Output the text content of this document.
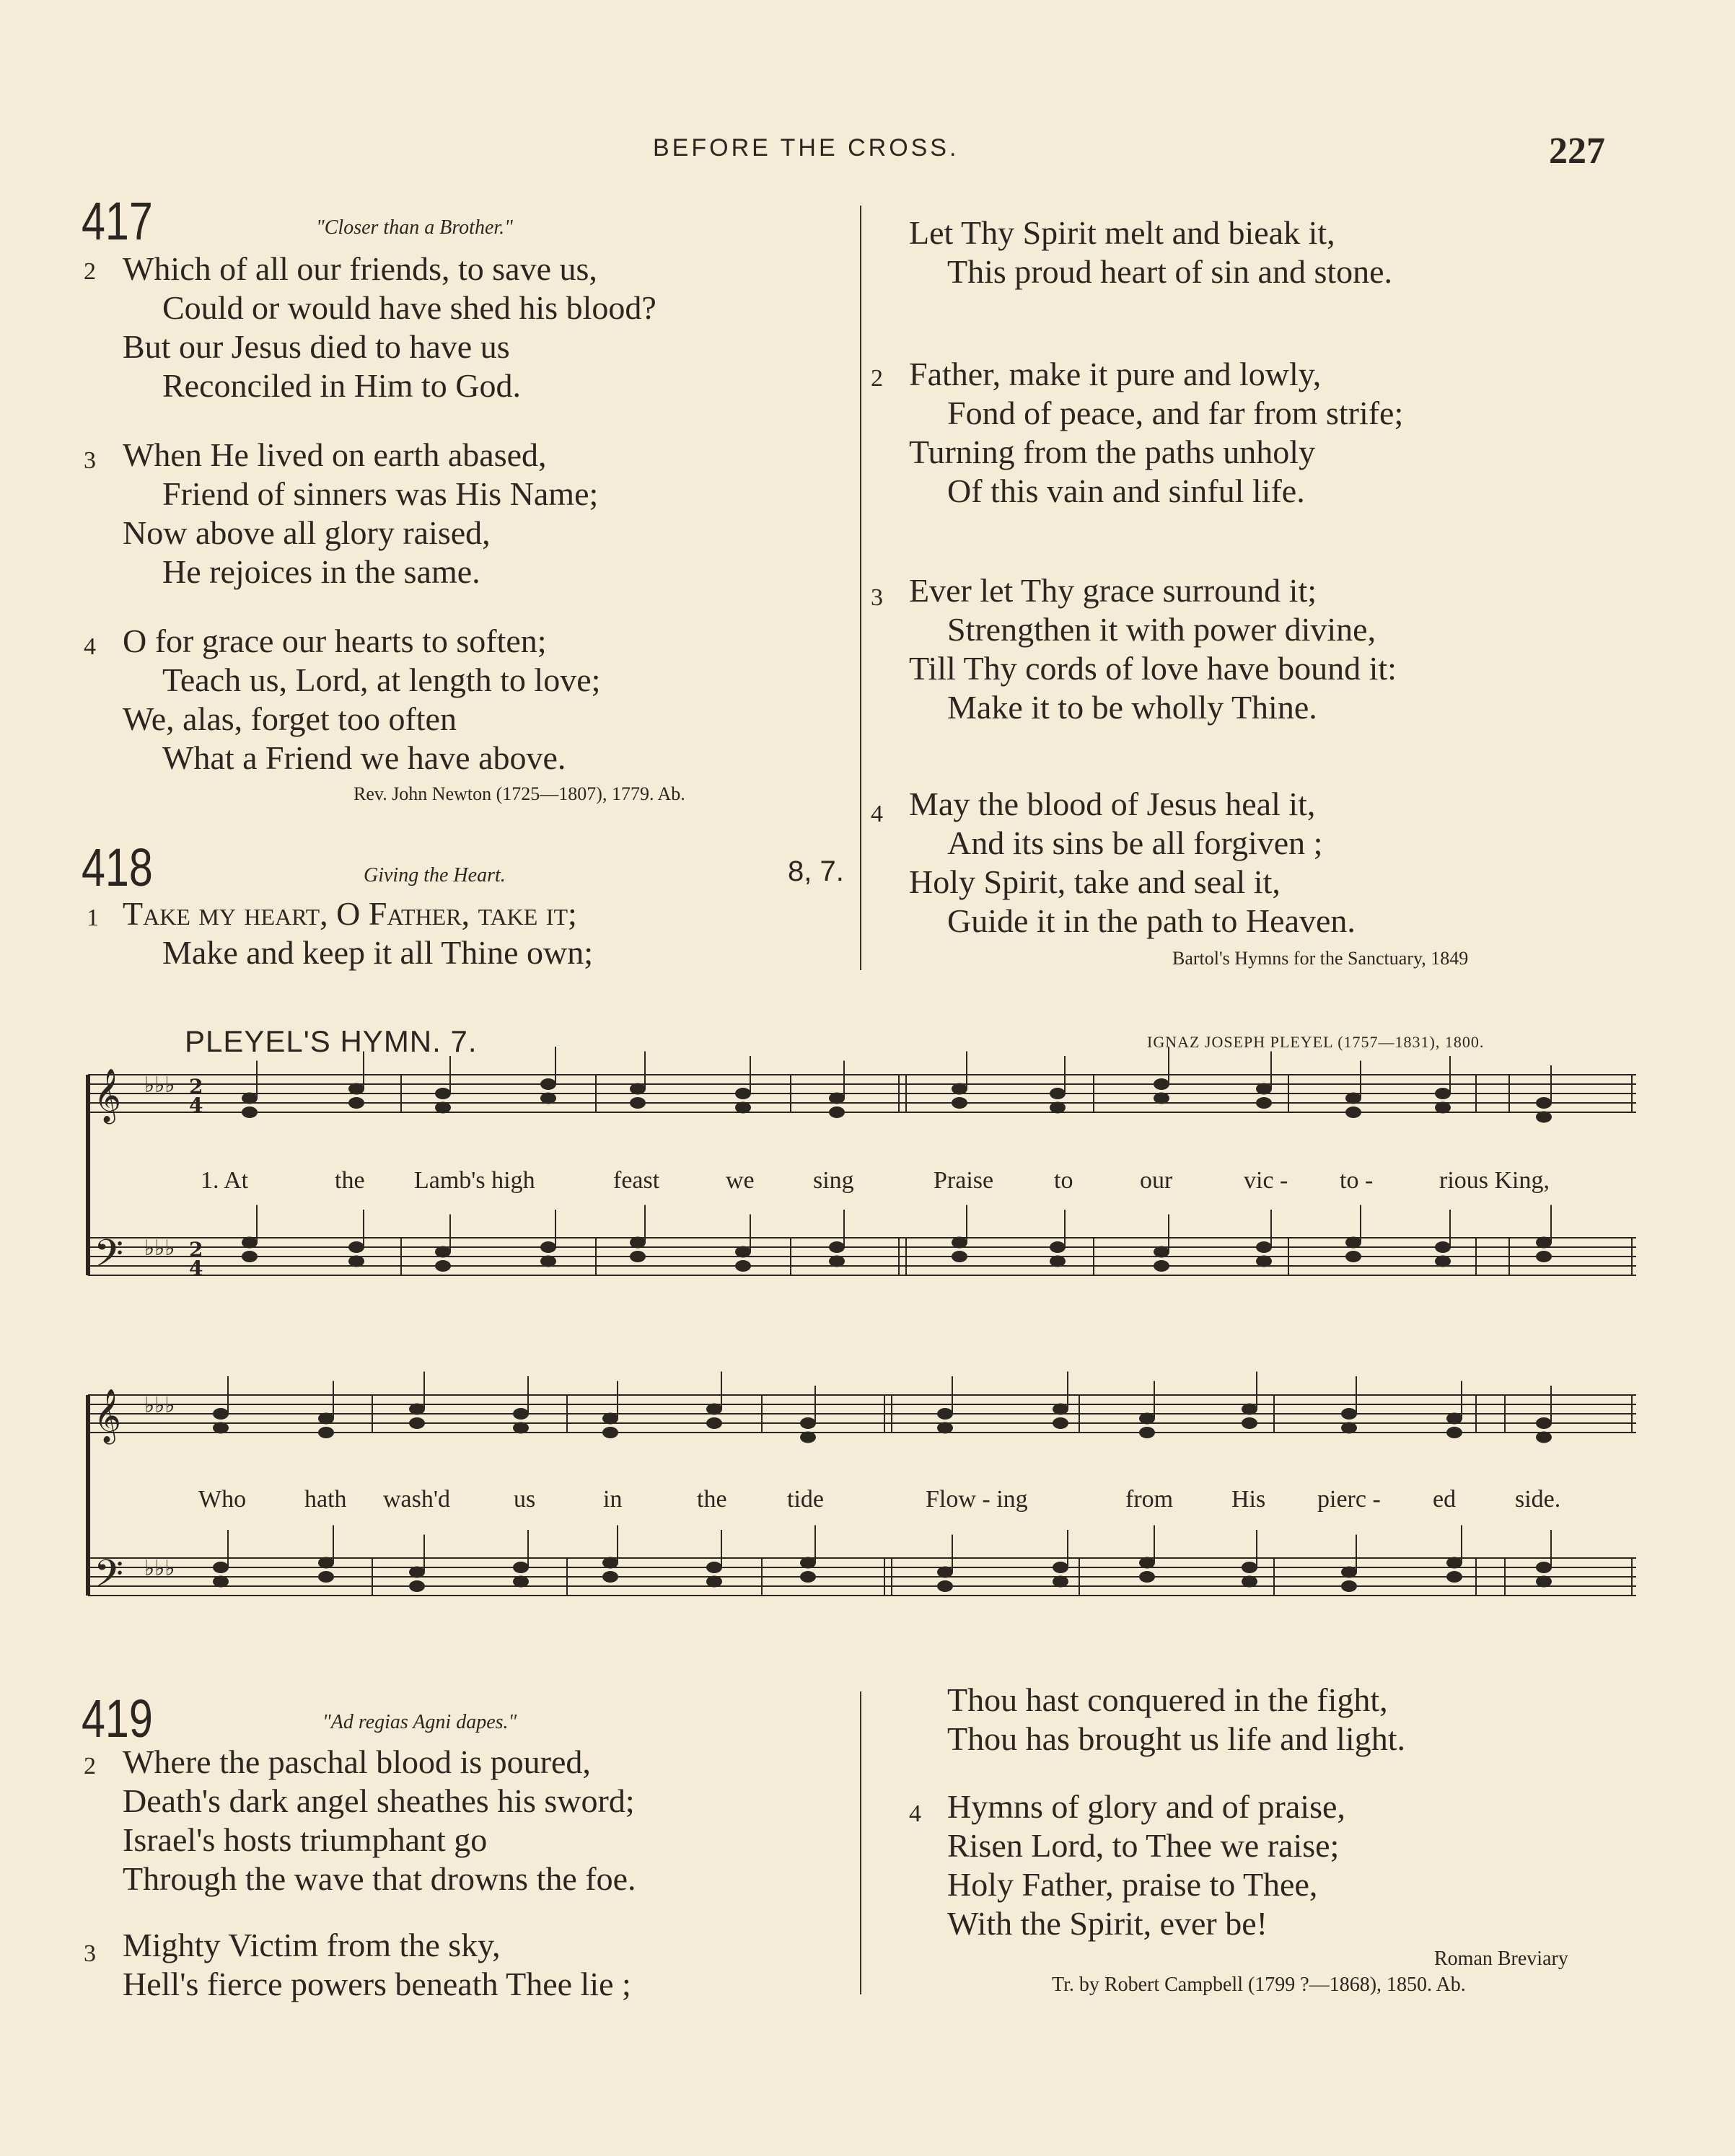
BEFORE THE CROSS.	227
417	"Closer than a Brother."
2 Which of all our friends, to save us,
Could or would have shed his blood?
But our Jesus died to have us
Reconciled in Him to God.
3 When He lived on earth abased,
Friend of sinners was His Name;
Now above all glory raised,
He rejoices in the same.
4 O for grace our hearts to soften;
Teach us, Lord, at length to love;
We, alas, forget too often
What a Friend we have above.
Rev. John Newton (1725—1807), 1779. Ab.
418	Giving the Heart.	8, 7.
1 Take my heart, O Father, take it;
Make and keep it all Thine own;
Let Thy Spirit melt and bieak it,
This proud heart of sin and stone.
2 Father, make it pure and lowly,
Fond of peace, and far from strife;
Turning from the paths unholy
Of this vain and sinful life.
3 Ever let Thy grace surround it;
Strengthen it with power divine,
Till Thy cords of love have bound it:
Make it to be wholly Thine.
4 May the blood of Jesus heal it,
And its sins be all forgiven ;
Holy Spirit, take and seal it,
Guide it in the path to Heaven.
Bartol's Hymns for the Sanctuary, 1849
PLEYEL'S HYMN. 7.	IGNAZ JOSEPH PLEYEL (1757—1831), 1800.
𝄞 ♭♭♭ 2
4
𝄢 ♭♭♭ 2
4
𝄞 ♭♭♭
𝄢 ♭♭♭
1. At	the Lamb's high	feast	we sing	Praise to	our	vic - to -	rious King,
Who hath wash'd	us	in	the tide	Flow - ing	from His pierc - ed side.
419	"Ad regias Agni dapes."
2 Where the paschal blood is poured,
Death's dark angel sheathes his sword;
Israel's hosts triumphant go
Through the wave that drowns the foe.
3 Mighty Victim from the sky,
Hell's fierce powers beneath Thee lie ;
Thou hast conquered in the fight,
Thou has brought us life and light.
4 Hymns of glory and of praise,
Risen Lord, to Thee we raise;
Holy Father, praise to Thee,
With the Spirit, ever be!
Roman Breviary
Tr. by Robert Campbell (1799 ?—1868), 1850. Ab.
